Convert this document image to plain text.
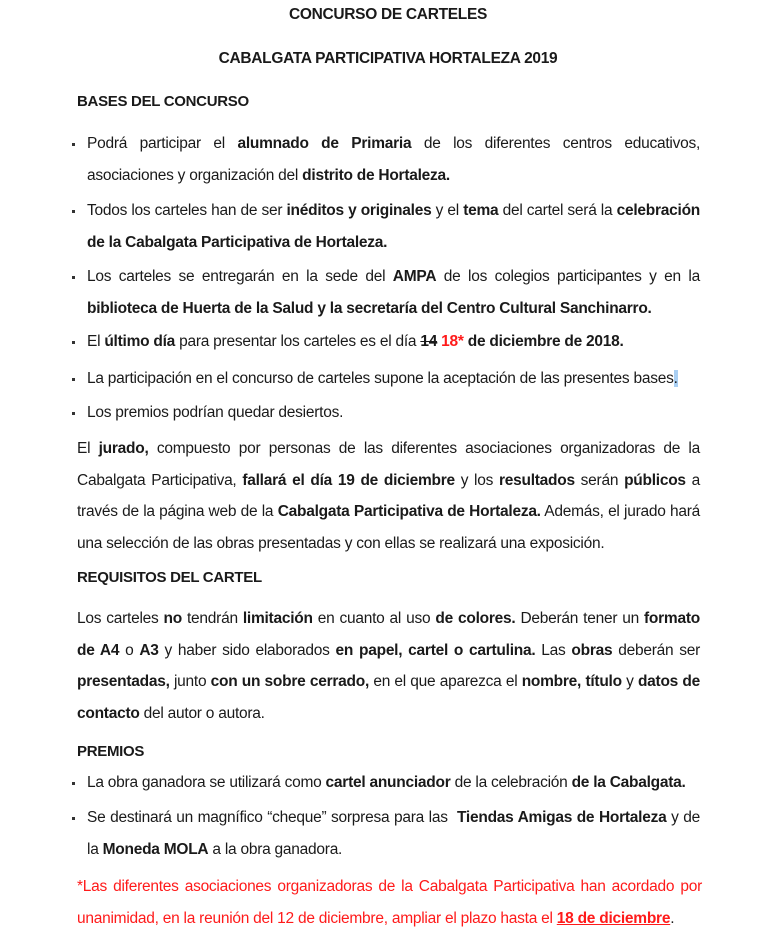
CONCURSO DE CARTELES
CABALGATA PARTICIPATIVA HORTALEZA 2019
BASES DEL CONCURSO
Podrá participar el alumnado de Primaria de los diferentes centros educativos, asociaciones y organización del distrito de Hortaleza.
Todos los carteles han de ser inéditos y originales y el tema del cartel será la celebración de la Cabalgata Participativa de Hortaleza.
Los carteles se entregarán en la sede del AMPA de los colegios participantes y en la biblioteca de Huerta de la Salud y la secretaría del Centro Cultural Sanchinarro.
El último día para presentar los carteles es el día 14 18* de diciembre de 2018.
La participación en el concurso de carteles supone la aceptación de las presentes bases.
Los premios podrían quedar desiertos.
El jurado, compuesto por personas de las diferentes asociaciones organizadoras de la Cabalgata Participativa, fallará el día 19 de diciembre y los resultados serán públicos a través de la página web de la Cabalgata Participativa de Hortaleza. Además, el jurado hará una selección de las obras presentadas y con ellas se realizará una exposición.
REQUISITOS DEL CARTEL
Los carteles no tendrán limitación en cuanto al uso de colores. Deberán tener un formato de A4 o A3 y haber sido elaborados en papel, cartel o cartulina. Las obras deberán ser presentadas, junto con un sobre cerrado, en el que aparezca el nombre, título y datos de contacto del autor o autora.
PREMIOS
La obra ganadora se utilizará como cartel anunciador de la celebración de la Cabalgata.
Se destinará un magnífico “cheque” sorpresa para las  Tiendas Amigas de Hortaleza y de la Moneda MOLA a la obra ganadora.
*Las diferentes asociaciones organizadoras de la Cabalgata Participativa han acordado por unanimidad, en la reunión del 12 de diciembre, ampliar el plazo hasta el 18 de diciembre.
